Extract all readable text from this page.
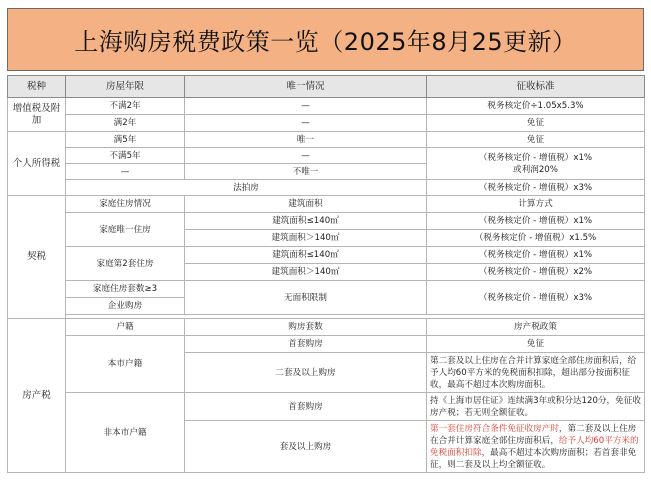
上海购房税费政策一览（2025年8月25更新）
税种	房屋年限	唯一情况	征收标准
增值税及附加	不满2年	—	税务核定价÷1.05x5.3%
	满2年	—	免征
个人所得税	满5年	唯一	免征
	不满5年	—	（税务核定价 - 增值税）x1%
或利润20%

	—	不唯一	
	法拍房		（税务核定价 - 增值税）x3%
契税	家庭住房情况	建筑面积	计算方式
	家庭唯一住房	建筑面积≤140㎡	（税务核定价 - 增值税）x1%
		建筑面积＞140㎡	（税务核定价 - 增值税）x1.5%
	家庭第2套住房	建筑面积≤140㎡	（税务核定价 - 增值税）x1%
		建筑面积＞140㎡	（税务核定价 - 增值税）x2%
	家庭住房套数≥3	无面积限制	（税务核定价 - 增值税）x3%
	企业购房		

房产税	户籍	购房套数	房产税政策
	本市户籍	首套购房	免征
		二套及以上购房	第二套及以上住房在合并计算家庭全部住房面积后，给予人均60平方米的免税面积扣除，超出部分按面积征收，最高不超过本次购房面积。
	非本市户籍	首套购房	持《上海市居住证》连续满3年或积分达120分，免征收房产税；若无则全额征收。
		套及以上购房	第一套住房符合条件免征收房产时，第二套及以上住房在合并计算家庭全部住房面积后，给予人均60平方米的免税面积扣除，最高不超过本次购房面积；若首套非免征，则二套及以上均全额征收。
